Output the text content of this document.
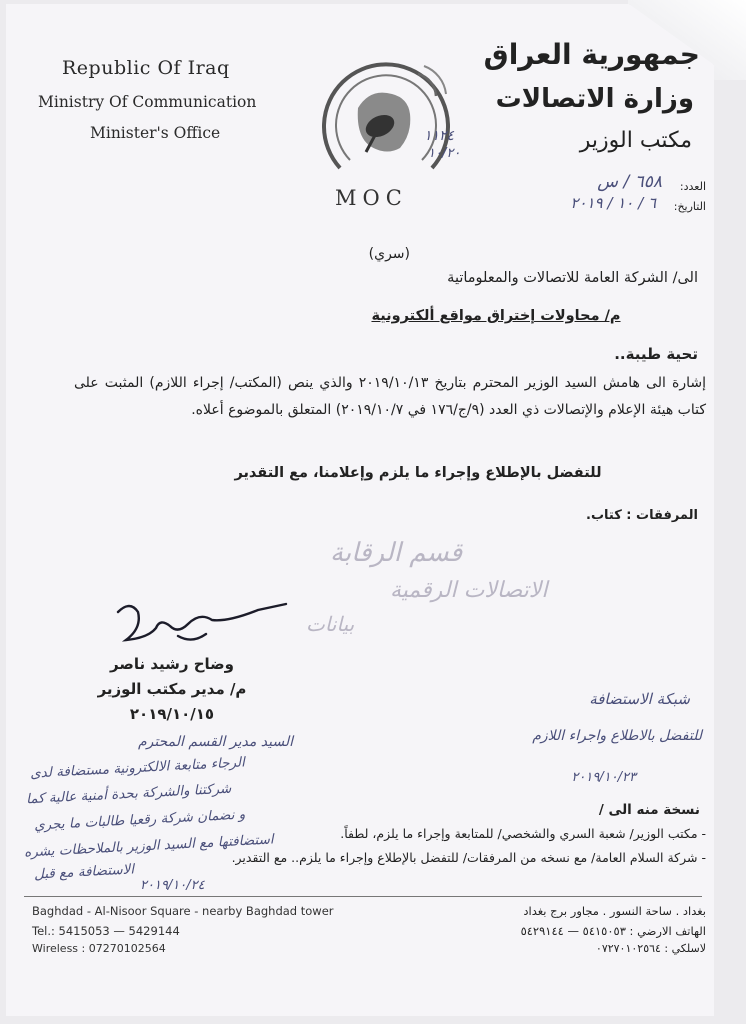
Republic Of Iraq
Ministry Of Communication
Minister's Office
MOC
١١٢٤
١٠/٢٠
جمهورية العراق
وزارة الاتصالات
مكتب الوزير
العدد:
٦٥٨ / س
التاريخ:
٦ / ١٠ / ٢٠١٩
(سري)
الى/ الشركة العامة للاتصالات والمعلوماتية
م/ محاولات إختراق مواقع ألكترونية
تحية طيبة..
إشارة الى هامش السيد الوزير المحترم بتاريخ ٢٠١٩/١٠/١٣ والذي ينص (المكتب/ إجراء اللازم) المثبت على كتاب هيئة الإعلام والإتصالات ذي العدد (٩/ج/١٧٦ في ٢٠١٩/١٠/٧) المتعلق بالموضوع أعلاه.
للتفضل بالإطلاع وإجراء ما يلزم وإعلامنا، مع التقدير
المرفقات : كتاب.
قسم الرقابة
الاتصالات الرقمية
بيانات
وضاح رشيد ناصر
م/ مدير مكتب الوزير
٢٠١٩/١٠/١٥
شبكة الاستضافة
للتفضل بالاطلاع واجراء اللازم
٢٠١٩/١٠/٢٣
السيد مدير القسم المحترم
الرجاء متابعة الالكترونية مستضافة لدى
شركتنا والشركة بحدة أمنية عالية كما
و نضمان شركة رقعيا طالبات ما يجري
استضافتها مع السيد الوزير بالملاحظات يشره
الاستضافة مع قبل
٢٠١٩/١٠/٢٤
نسخة منه الى /
- مكتب الوزير/ شعبة السري والشخصي/ للمتابعة وإجراء ما يلزم، لطفاً.
- شركة السلام العامة/ مع نسخه من المرفقات/ للتفضل بالإطلاع وإجراء ما يلزم.. مع التقدير.
Baghdad - Al-Nisoor Square - nearby Baghdad tower
Tel.: 5415053 — 5429144
Wireless : 07270102564
بغداد . ساحة النسور . مجاور برج بغداد
الهاتف الارضي : ٥٤١٥٠٥٣ — ٥٤٢٩١٤٤
لاسلكي : ٠٧٢٧٠١٠٢٥٦٤
